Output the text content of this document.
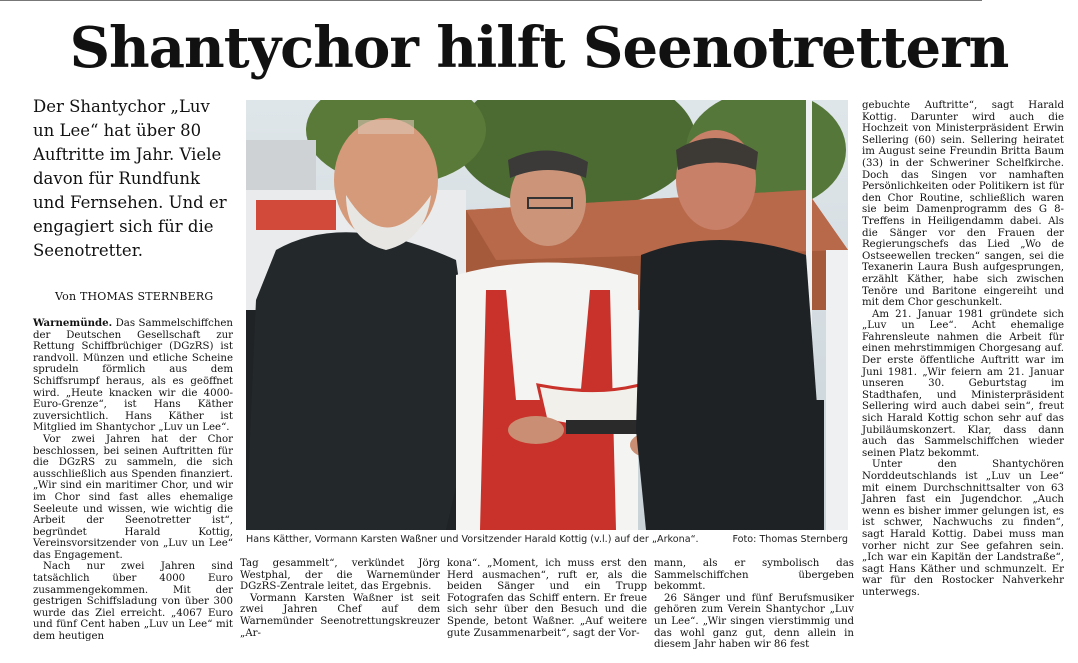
Shantychor hilft Seenotrettern

Der Shantychor „Luv un Lee“ hat über 80 Auftritte im Jahr. Viele davon für Rundfunk und Fernsehen. Und er engagiert sich für die Seenotretter.

Von THOMAS STERNBERG

Warnemünde. Das Sammelschiffchen der Deutschen Gesellschaft zur Rettung Schiffbrüchiger (DGzRS) ist randvoll. Münzen und etliche Scheine sprudeln förmlich aus dem Schiffsrumpf heraus, als es geöffnet wird. „Heute knacken wir die 4000-Euro-Grenze“, ist Hans Käther zuversichtlich. Hans Käther ist Mitglied im Shantychor „Luv un Lee“.

Vor zwei Jahren hat der Chor beschlossen, bei seinen Auftritten für die DGzRS zu sammeln, die sich ausschließlich aus Spenden finanziert. „Wir sind ein maritimer Chor, und wir im Chor sind fast alles ehemalige Seeleute und wissen, wie wichtig die Arbeit der Seenotretter ist“, begründet Harald Kottig, Vereinsvorsitzender von „Luv un Lee“ das Engagement.

Nach nur zwei Jahren sind tatsächlich über 4000 Euro zusammengekommen. Mit der gestrigen Schiffsladung von über 300 wurde das Ziel erreicht. „4067 Euro und fünf Cent haben „Luv un Lee“ mit dem heutigen

Hans Kätther, Vormann Karsten Waßner und Vorsitzender Harald Kottig (v.l.) auf der „Arkona“.	Foto: Thomas Sternberg

Tag gesammelt“, verkündet Jörg Westphal, der die Warnemünder DGzRS-Zentrale leitet, das Ergebnis.

Vormann Karsten Waßner ist seit zwei Jahren Chef auf dem Warnemünder Seenotrettungskreuzer „Ar-

kona“. „Moment, ich muss erst den Herd ausmachen“, ruft er, als die beiden Sänger und ein Trupp Fotografen das Schiff entern. Er freue sich sehr über den Besuch und die Spende, betont Waßner. „Auf weitere gute Zusammenarbeit“, sagt der Vor-

mann, als er symbolisch das Sammelschiffchen übergeben bekommt.

26 Sänger und fünf Berufsmusiker gehören zum Verein Shantychor „Luv un Lee“. „Wir singen vierstimmig und das wohl ganz gut, denn allein in diesem Jahr haben wir 86 fest

gebuchte Auftritte“, sagt Harald Kottig. Darunter wird auch die Hochzeit von Ministerpräsident Erwin Sellering (60) sein. Sellering heiratet im August seine Freundin Britta Baum (33) in der Schweriner Schelfkirche. Doch das Singen vor namhaften Persönlichkeiten oder Politikern ist für den Chor Routine, schließlich waren sie beim Damenprogramm des G 8-Treffens in Heiligendamm dabei. Als die Sänger vor den Frauen der Regierungschefs das Lied „Wo de Ostseewellen trecken“ sangen, sei die Texanerin Laura Bush aufgesprungen, erzählt Käther, habe sich zwischen Tenöre und Baritone eingereiht und mit dem Chor geschunkelt.

Am 21. Januar 1981 gründete sich „Luv un Lee“. Acht ehemalige Fahrensleute nahmen die Arbeit für einen mehrstimmigen Chorgesang auf. Der erste öffentliche Auftritt war im Juni 1981. „Wir feiern am 21. Januar unseren 30. Geburtstag im Stadthafen, und Ministerpräsident Sellering wird auch dabei sein“, freut sich Harald Kottig schon sehr auf das Jubiläumskonzert. Klar, dass dann auch das Sammelschiffchen wieder seinen Platz bekommt.

Unter den Shantychören Norddeutschlands ist „Luv un Lee“ mit einem Durchschnittsalter von 63 Jahren fast ein Jugendchor. „Auch wenn es bisher immer gelungen ist, es ist schwer, Nachwuchs zu finden“, sagt Harald Kottig. Dabei muss man vorher nicht zur See gefahren sein. „Ich war ein Kapitän der Landstraße“, sagt Hans Käther und schmunzelt. Er war für den Rostocker Nahverkehr unterwegs.
